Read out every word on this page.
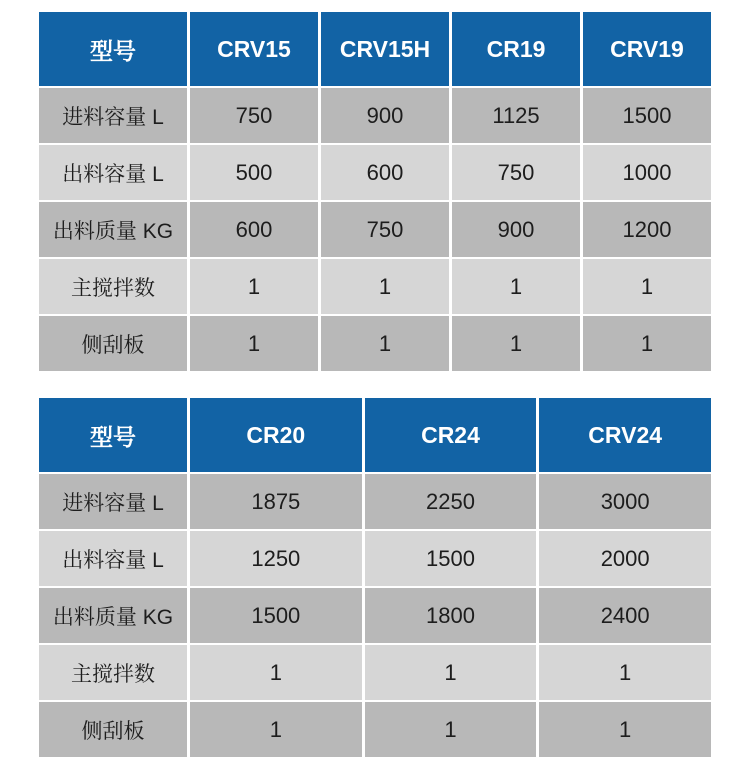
型号	CRV15	CRV15H	CR19	CRV19
进料容量 L	750	900	1125	1500
出料容量 L	500	600	750	1000
出料质量 KG	600	750	900	1200
主搅拌数	1	1	1	1
侧刮板	1	1	1	1
型号	CR20	CR24	CRV24
进料容量 L	1875	2250	3000
出料容量 L	1250	1500	2000
出料质量 KG	1500	1800	2400
主搅拌数	1	1	1
侧刮板	1	1	1
